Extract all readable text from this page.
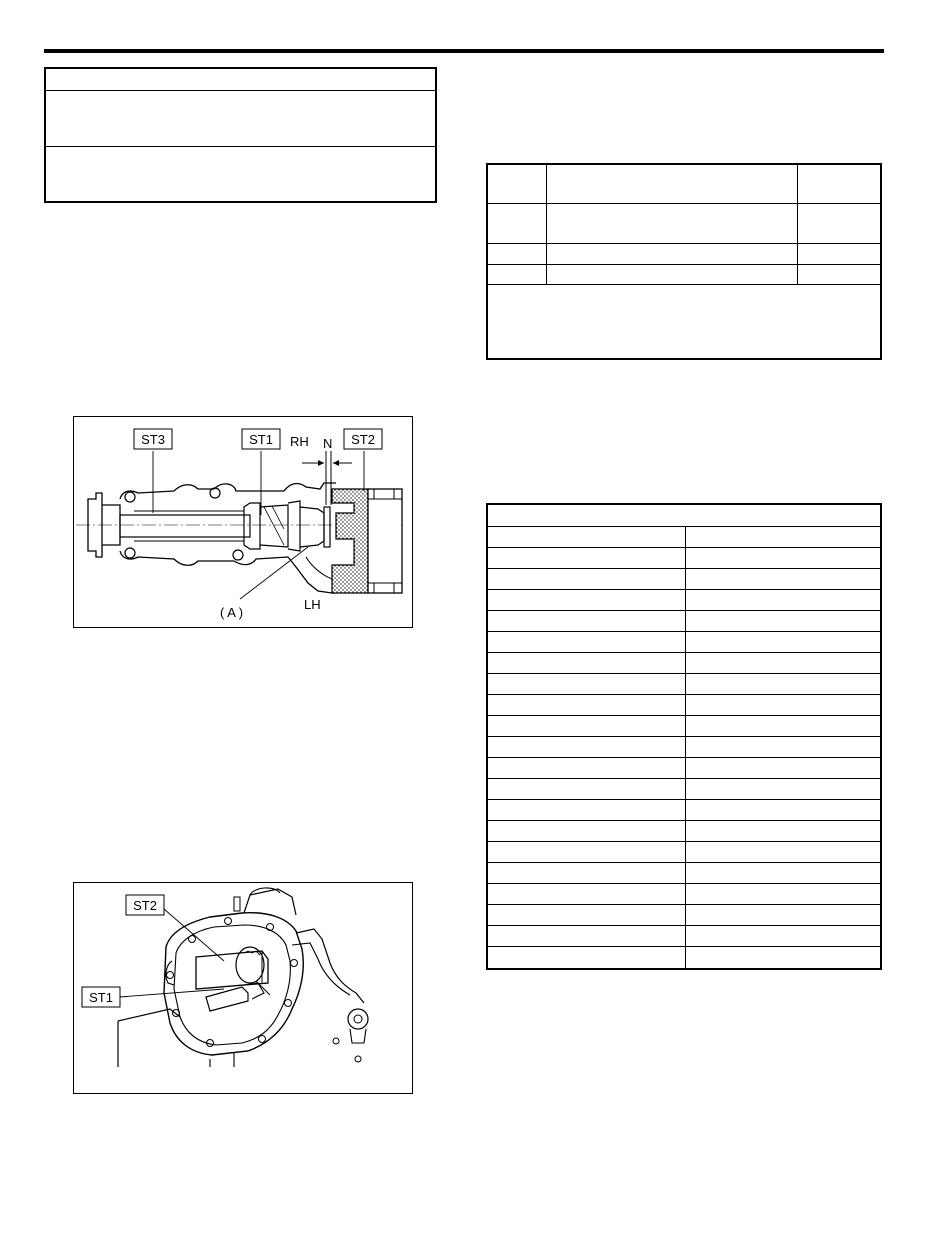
ST3	ST1	ST2
RH N
LH
( A )
ST2
ST1
